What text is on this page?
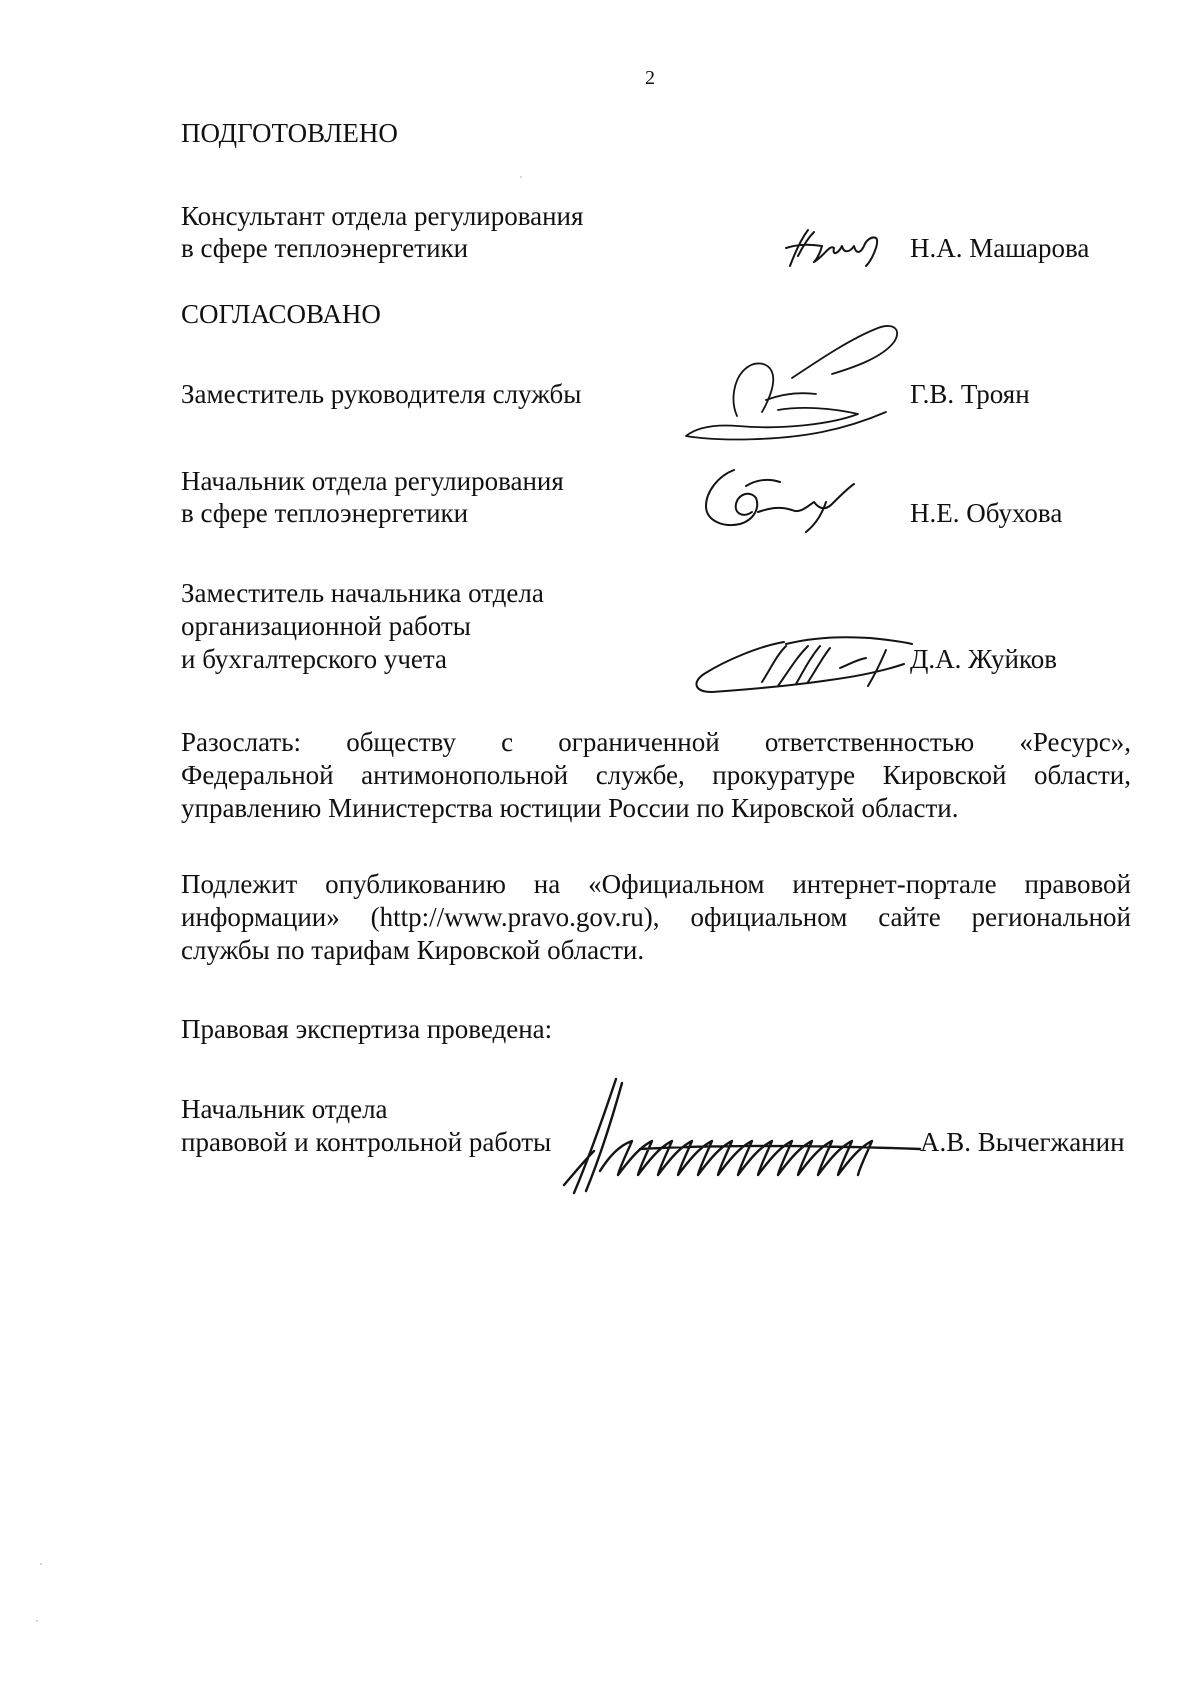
2
ПОДГОТОВЛЕНО
Консультант отдела регулирования
в сфере теплоэнергетики	Н.А. Машарова
СОГЛАСОВАНО
Заместитель руководителя службы	Г.В. Троян
Начальник отдела регулирования
в сфере теплоэнергетики	Н.Е. Обухова
Заместитель начальника отдела
организационной работы
и бухгалтерского учета	Д.А. Жуйков
Разослать: обществу с ограниченной ответственностью «Ресурс»,
Федеральной антимонопольной службе, прокуратуре Кировской области,
управлению Министерства юстиции России по Кировской области.
Подлежит опубликованию на «Официальном интернет-портале правовой
информации» (http://www.pravo.gov.ru), официальном сайте региональной
службы по тарифам Кировской области.
Правовая экспертиза проведена:
Начальник отдела
правовой и контрольной работы	А.В. Вычегжанин
